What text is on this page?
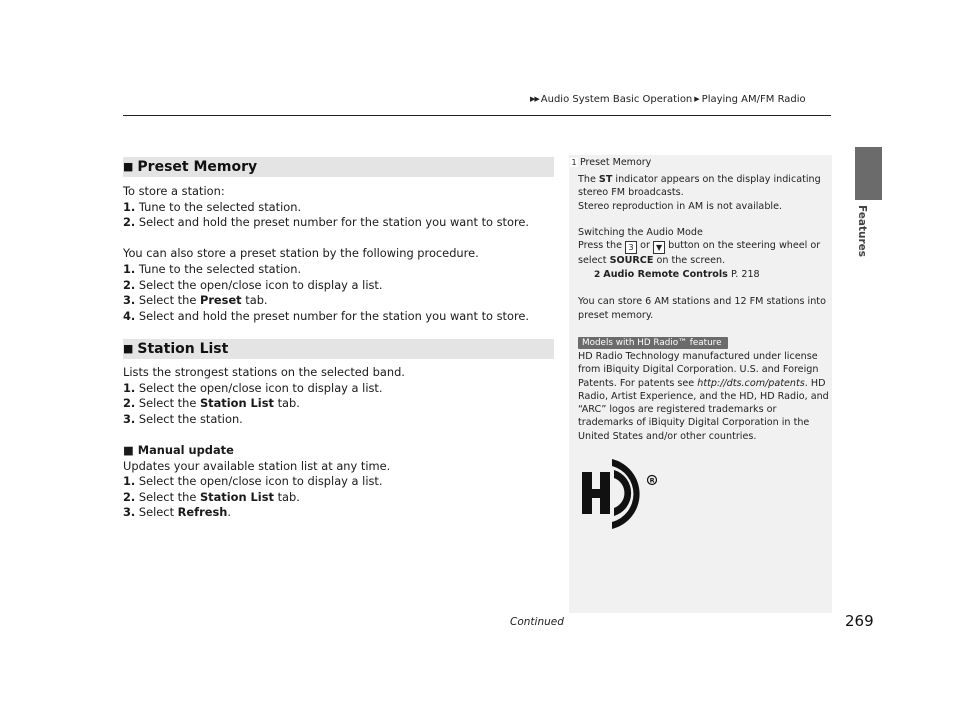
▶▶ Audio System Basic Operation ▶ Playing AM/FM Radio
Features
■ Preset Memory

To store a station:

1. Tune to the selected station.

2. Select and hold the preset number for the station you want to store.

You can also store a preset station by the following procedure.

1. Tune to the selected station.

2. Select the open/close icon to display a list.

3. Select the Preset tab.

4. Select and hold the preset number for the station you want to store.

■ Station List

Lists the strongest stations on the selected band.

1. Select the open/close icon to display a list.

2. Select the Station List tab.

3. Select the station.

■ Manual update

Updates your available station list at any time.

1. Select the open/close icon to display a list.

2. Select the Station List tab.

3. Select Refresh.

1 Preset Memory

The ST indicator appears on the display indicating

stereo FM broadcasts.

Stereo reproduction in AM is not available.

Switching the Audio Mode

Press the 3 or ▼ button on the steering wheel or

select SOURCE on the screen.

2 Audio Remote Controls P. 218

You can store 6 AM stations and 12 FM stations into

preset memory.

Models with HD Radio™ feature

HD Radio Technology manufactured under license

from iBiquity Digital Corporation. U.S. and Foreign

Patents. For patents see http://dts.com/patents. HD

Radio, Artist Experience, and the HD, HD Radio, and

“ARC” logos are registered trademarks or

trademarks of iBiquity Digital Corporation in the

United States and/or other countries.

R
Continued	269
